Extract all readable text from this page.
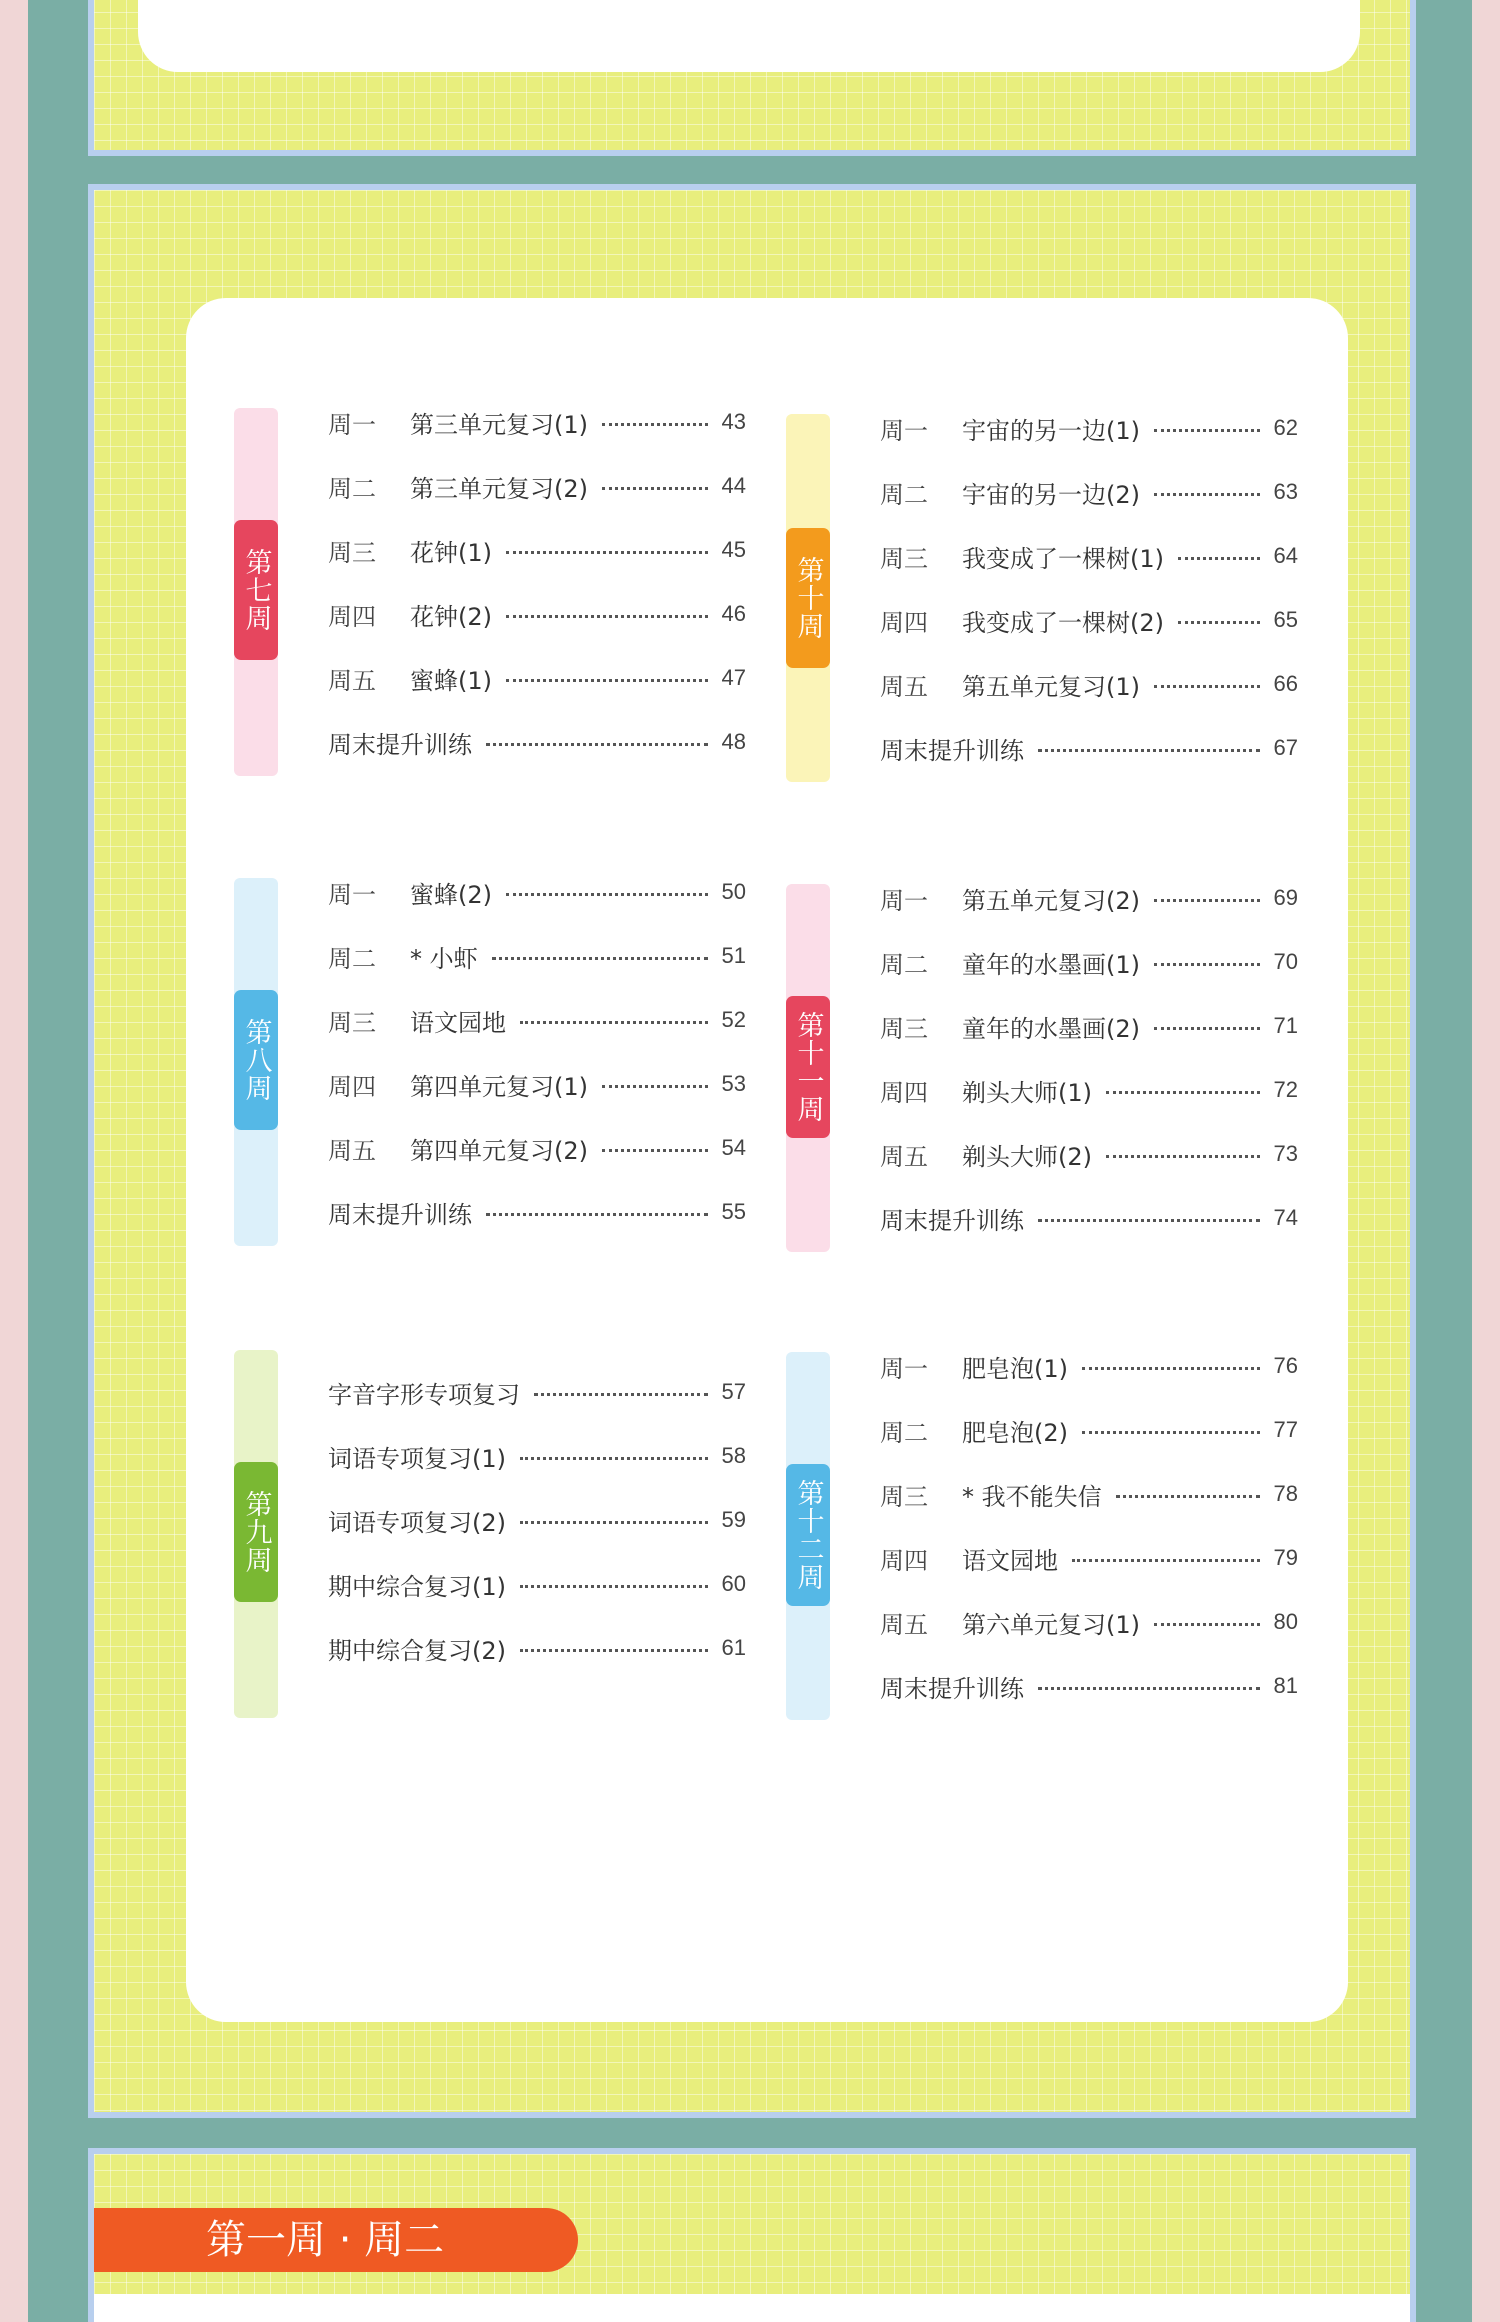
第七周
周一	第三单元复习(1)	43
周二	第三单元复习(2)	44
周三	花钟(1)	45
周四	花钟(2)	46
周五	蜜蜂(1)	47
周末提升训练	48
第十周
周一	宇宙的另一边(1)	62
周二	宇宙的另一边(2)	63
周三	我变成了一棵树(1)	64
周四	我变成了一棵树(2)	65
周五	第五单元复习(1)	66
周末提升训练	67
第八周
周一	蜜蜂(2)	50
周二	* 小虾	51
周三	语文园地	52
周四	第四单元复习(1)	53
周五	第四单元复习(2)	54
周末提升训练	55
第十一周
周一	第五单元复习(2)	69
周二	童年的水墨画(1)	70
周三	童年的水墨画(2)	71
周四	剃头大师(1)	72
周五	剃头大师(2)	73
周末提升训练	74
第九周
字音字形专项复习	57
词语专项复习(1)	58
词语专项复习(2)	59
期中综合复习(1)	60
期中综合复习(2)	61
第十二周
周一	肥皂泡(1)	76
周二	肥皂泡(2)	77
周三	* 我不能失信	78
周四	语文园地	79
周五	第六单元复习(1)	80
周末提升训练	81
第一周 · 周二
